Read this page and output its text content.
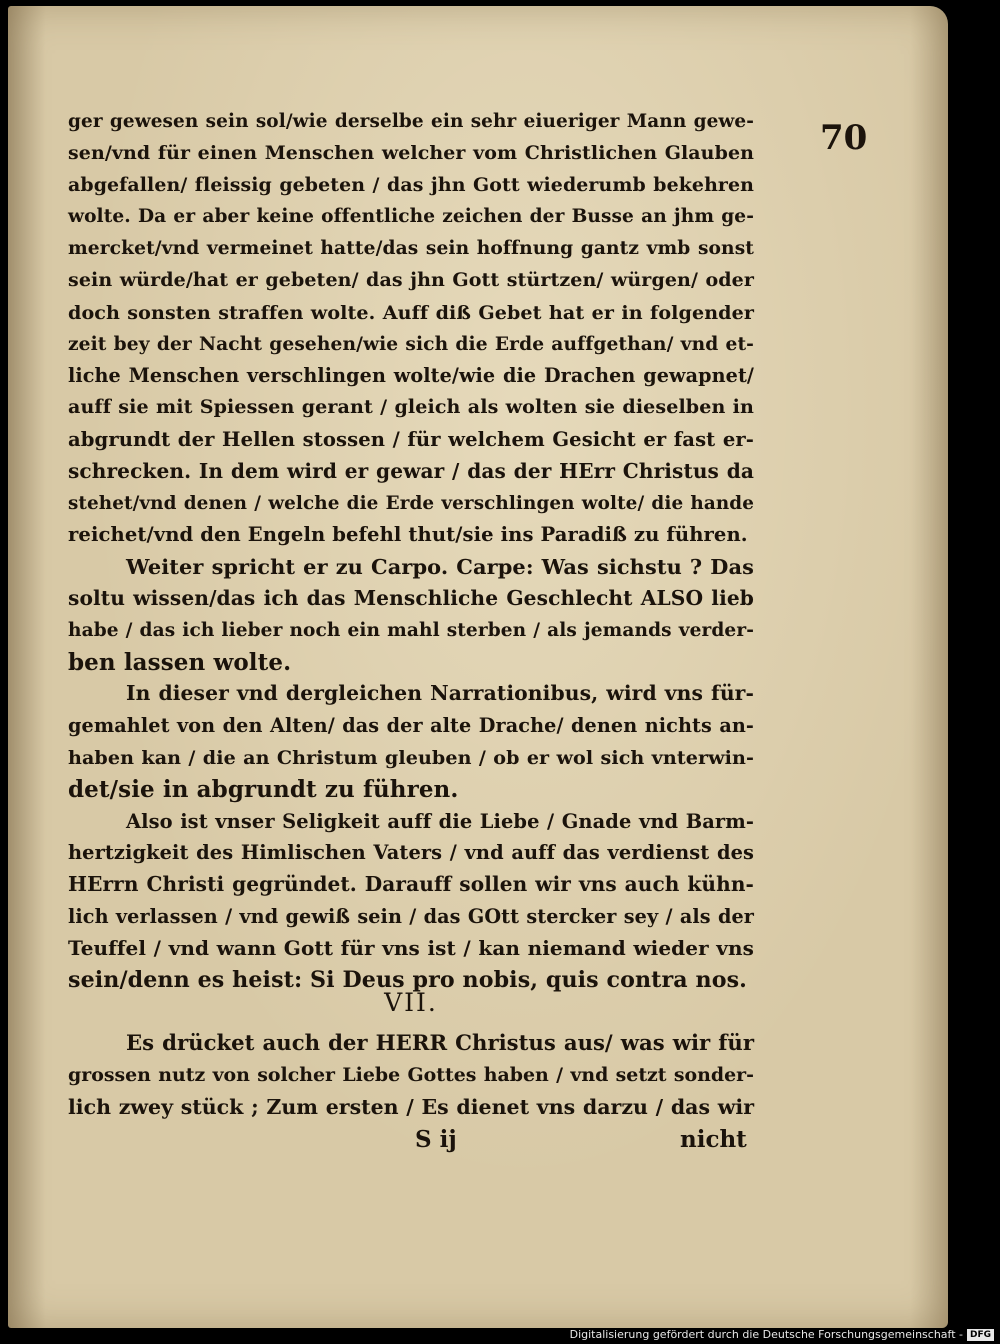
70
ger gewesen sein sol/wie derselbe ein sehr eiueriger Mann gewe-
sen/vnd für einen Menschen welcher vom Christlichen Glauben
abgefallen/ fleissig gebeten / das jhn Gott wiederumb bekehren
wolte. Da er aber keine offentliche zeichen der Busse an jhm ge-
mercket/vnd vermeinet hatte/das sein hoffnung gantz vmb sonst
sein würde/hat er gebeten/ das jhn Gott stürtzen/ würgen/ oder
doch sonsten straffen wolte. Auff diß Gebet hat er in folgender
zeit bey der Nacht gesehen/wie sich die Erde auffgethan/ vnd et-
liche Menschen verschlingen wolte/wie die Drachen gewapnet/
auff sie mit Spiessen gerant / gleich als wolten sie dieselben in
abgrundt der Hellen stossen / für welchem Gesicht er fast er-
schrecken. In dem wird er gewar / das der HErr Christus da
stehet/vnd denen / welche die Erde verschlingen wolte/ die hande
reichet/vnd den Engeln befehl thut/sie ins Paradiß zu führen.
Weiter spricht er zu Carpo. Carpe: Was sichstu ? Das
soltu wissen/das ich das Menschliche Geschlecht ALSO lieb
habe / das ich lieber noch ein mahl sterben / als jemands verder-
ben lassen wolte.
In dieser vnd dergleichen Narrationibus, wird vns für-
gemahlet von den Alten/ das der alte Drache/ denen nichts an-
haben kan / die an Christum gleuben / ob er wol sich vnterwin-
det/sie in abgrundt zu führen.
Also ist vnser Seligkeit auff die Liebe / Gnade vnd Barm-
hertzigkeit des Himlischen Vaters / vnd auff das verdienst des
HErrn Christi gegründet. Darauff sollen wir vns auch kühn-
lich verlassen / vnd gewiß sein / das GOtt stercker sey / als der
Teuffel / vnd wann Gott für vns ist / kan niemand wieder vns
sein/denn es heist: Si Deus pro nobis, quis contra nos.
VII.
Es drücket auch der HERR Christus aus/ was wir für
grossen nutz von solcher Liebe Gottes haben / vnd setzt sonder-
lich zwey stück ; Zum ersten / Es dienet vns darzu / das wir
S ij	nicht
Digitalisierung gefördert durch die Deutsche Forschungsgemeinschaft - DFG
